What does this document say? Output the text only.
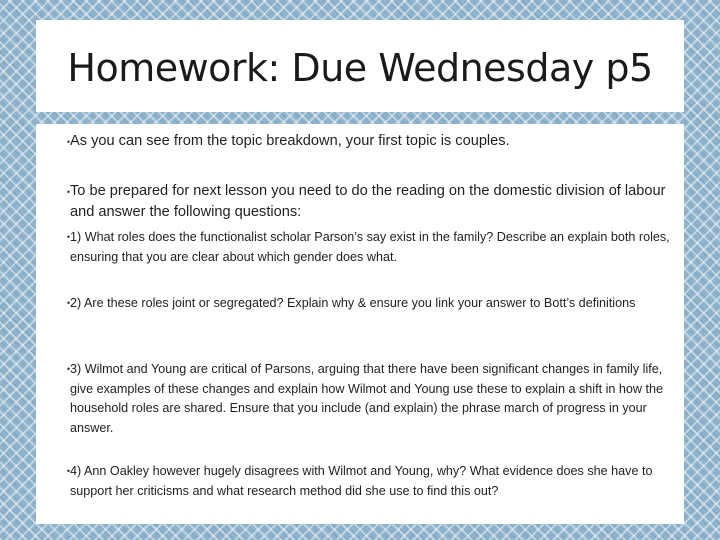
Homework: Due Wednesday p5
• As you can see from the topic breakdown, your first topic is couples.

• To be prepared for next lesson you need to do the reading on the domestic division of labour and answer the following questions:

• 1) What roles does the functionalist scholar Parson’s say exist in the family? Describe an explain both roles, ensuring that you are clear about which gender does what.

• 2) Are these roles joint or segregated? Explain why & ensure you link your answer to Bott’s definitions

• 3) Wilmot and Young are critical of Parsons, arguing that there have been significant changes in family life, give examples of these changes and explain how Wilmot and Young use these to explain a shift in how the household roles are shared. Ensure that you include (and explain) the phrase march of progress in your answer.

• 4) Ann Oakley however hugely disagrees with Wilmot and Young, why? What evidence does she have to support her criticisms and what research method did she use to find this out?
